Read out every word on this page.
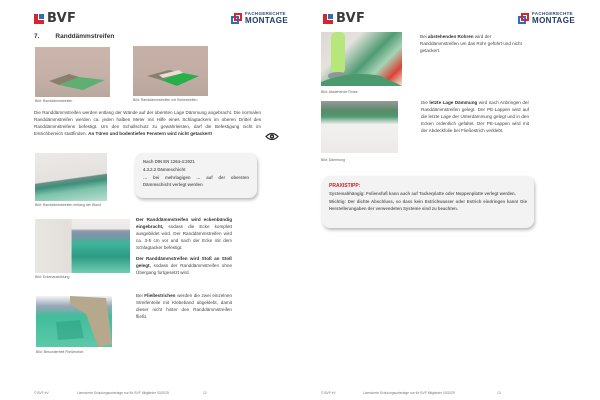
BVF	FACHGERECHTE
MONTAGE
7. Randdämmstreifen
Bild: Randdämmstreifen	Bild: Randdämmstreifen mit Klebestreifen
Die Randdämmstreifen werden entlang der Wände auf der obersten Lage Dämmung angebracht. Die normalen Randdämmstreifen werden ca. jeden halben Meter mit Hilfe eines Schlagtackers im oberen Drittel des Randdämmstreifens befestigt. Um den Schallschutz zu gewährleisten, darf die Befestigung nicht im Estrichbereich stattfinden. An Türen und bodentiefen Fenstern wird nicht getackert!
Bild: Randdämmstreifen entlang der Wand

Nach DIN EN 1264-4:2021

4.3.2.2 Dämmschicht

… bei mehrlagigen … auf der obersten Dämmschicht verlegt werden

Bild: Eckenausbildung
Der Randdämmstreifen wird eckenbündig eingebracht, sodass die Ecke komplett ausgebildet wird. Der Randdämmstreifen wird ca. 3-5 cm vor und nach der Ecke mit dem Schlagtacker befestigt.
Der Randdämmstreifen wird Stoß an Stoß gelegt, sodass der Randdämmstreifen ohne Übergang fortgesetzt wird.
Bild: Besonderheit Fließestrich
Bei Fließestrichen werden die zwei einzelnen Streifenteile mit Klebeband abgeklebt, damit dieser nicht hinter den Randdämmstreifen fließt.
© BVF eV	Lizenzierte Schulungsunterlage nur für BVF Mitglieder 03/2025	12
BVF	FACHGERECHTE
MONTAGE
Bild: Abstehende Rohre
Bei abstehenden Rohren wird der Randdämmstreifen um das Rohr geführt und nicht getackert.
Bild: Dämmung
Die letzte Lage Dämmung wird nach Anbringen der Randdämmstreifen gelegt. Der PE-Lappen wird auf die letzte Lage der Unterdämmung gelegt und in den Ecken ordentlich gefaltet. Der PE-Lappen wird mit der Abdeckfolie bei Fließestrich verklebt.

PRAXISTIPP:

Systemabhängig: Foliensfuß kann auch auf Tackerplatte oder Noppenplatte verlegt werden.

Wichtig: Der dichte Abschluss, so dass kein Estrichwasser oder Estrich eindringen kann! Die Herstellerangaben der verwendeten Systeme sind zu beachten.

© BVF eV	Lizenzierte Schulungsunterlage nur für BVF Mitglieder 03/2025	13
